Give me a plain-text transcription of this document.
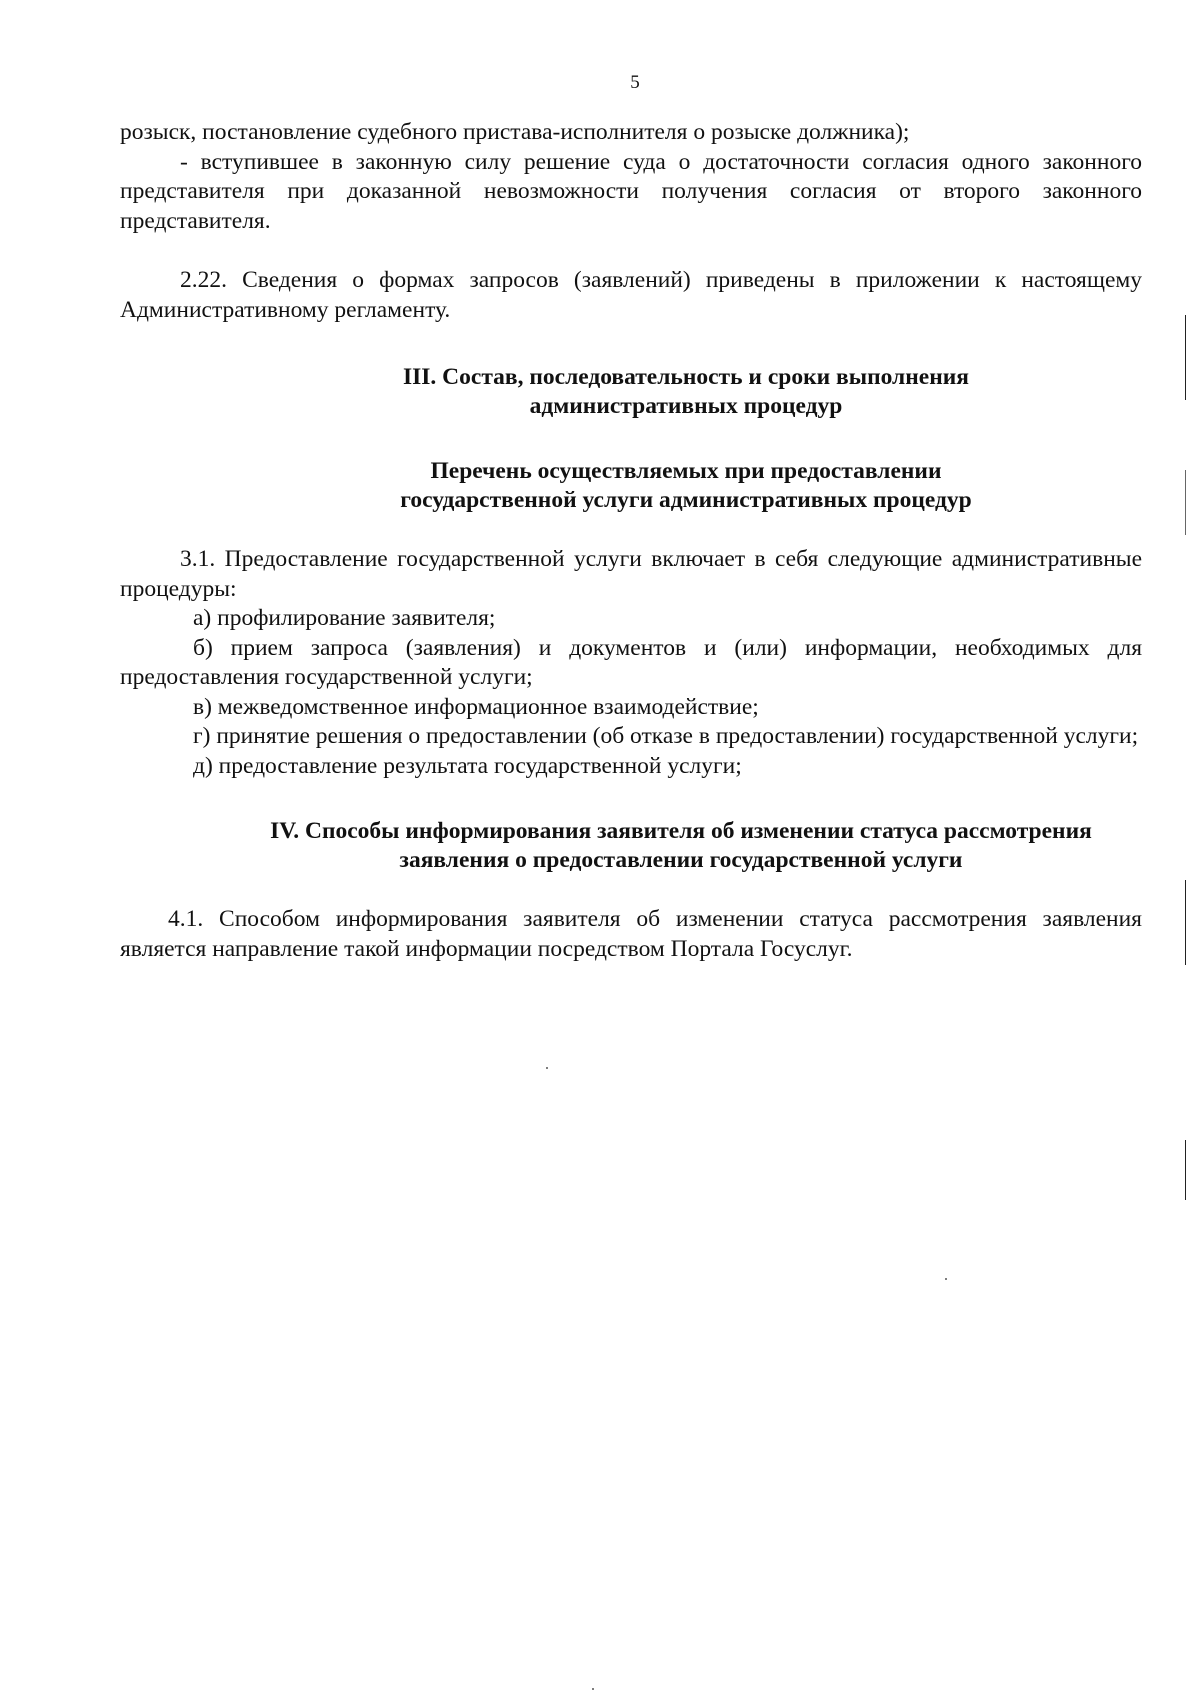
5

розыск, постановление судебного пристава-исполнителя о розыске должника);

- вступившее в законную силу решение суда о достаточности согласия одного законного представителя при доказанной невозможности получения согласия от второго законного представителя.

2.22. Сведения о формах запросов (заявлений) приведены в приложении к настоящему Административному регламенту.

III. Состав, последовательность и сроки выполнения
административных процедур
Перечень осуществляемых при предоставлении
государственной услуги административных процедур

3.1. Предоставление государственной услуги включает в себя следующие административные процедуры:

а) профилирование заявителя;

б) прием запроса (заявления) и документов и (или) информации, необходимых для предоставления государственной услуги;

в) межведомственное информационное взаимодействие;

г) принятие решения о предоставлении (об отказе в предоставлении) государственной услуги;

д) предоставление результата государственной услуги;

IV. Способы информирования заявителя об изменении статуса рассмотрения
заявления о предоставлении государственной услуги

4.1. Способом информирования заявителя об изменении статуса рассмотрения заявления является направление такой информации посредством Портала Госуслуг.
